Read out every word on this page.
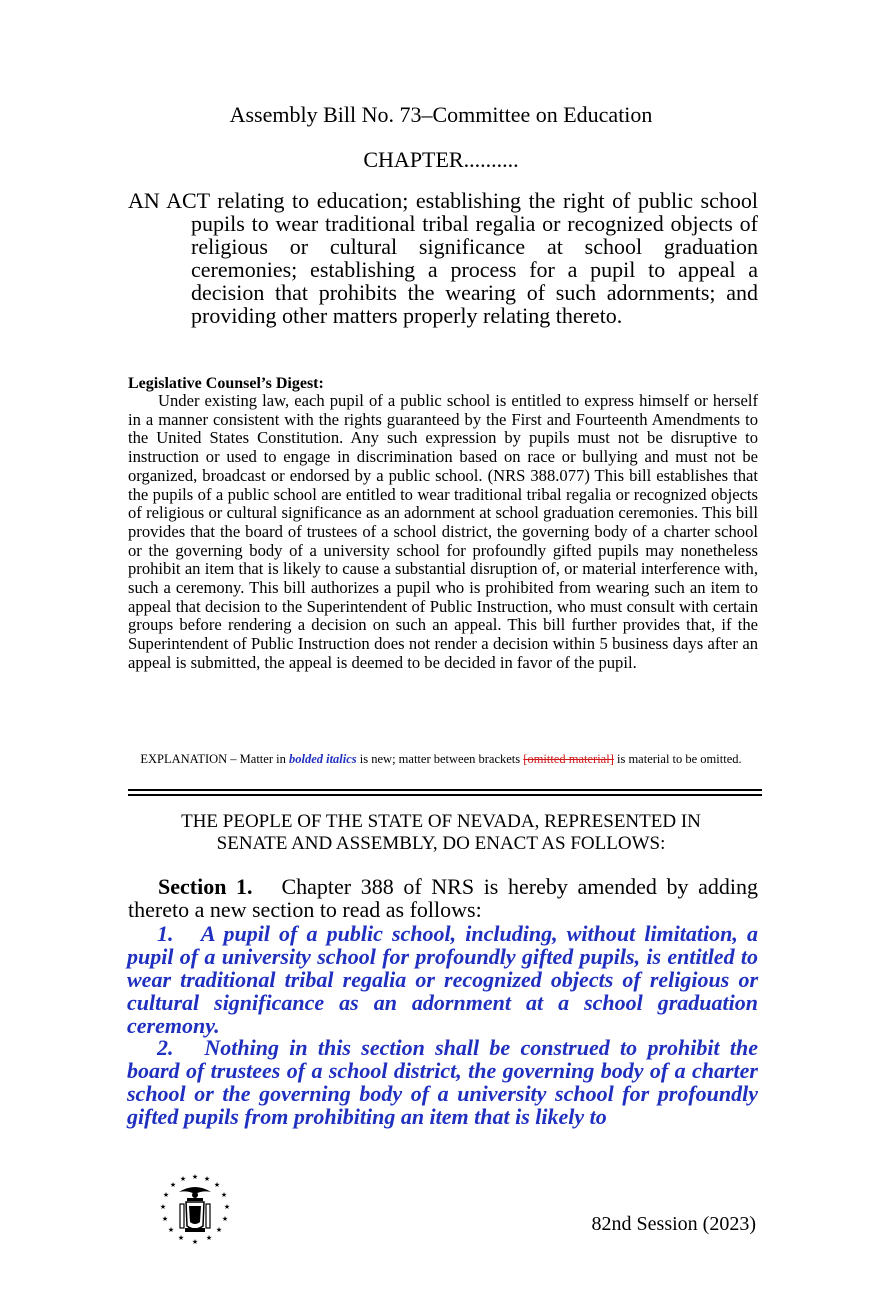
Assembly Bill No. 73–Committee on Education
CHAPTER..........
AN ACT relating to education; establishing the right of public school pupils to wear traditional tribal regalia or recognized objects of religious or cultural significance at school graduation ceremonies; establishing a process for a pupil to appeal a decision that prohibits the wearing of such adornments; and providing other matters properly relating thereto.
Legislative Counsel’s Digest:
Under existing law, each pupil of a public school is entitled to express himself or herself in a manner consistent with the rights guaranteed by the First and Fourteenth Amendments to the United States Constitution. Any such expression by pupils must not be disruptive to instruction or used to engage in discrimination based on race or bullying and must not be organized, broadcast or endorsed by a public school. (NRS 388.077) This bill establishes that the pupils of a public school are entitled to wear traditional tribal regalia or recognized objects of religious or cultural significance as an adornment at school graduation ceremonies. This bill provides that the board of trustees of a school district, the governing body of a charter school or the governing body of a university school for profoundly gifted pupils may nonetheless prohibit an item that is likely to cause a substantial disruption of, or material interference with, such a ceremony. This bill authorizes a pupil who is prohibited from wearing such an item to appeal that decision to the Superintendent of Public Instruction, who must consult with certain groups before rendering a decision on such an appeal. This bill further provides that, if the Superintendent of Public Instruction does not render a decision within 5 business days after an appeal is submitted, the appeal is deemed to be decided in favor of the pupil.
EXPLANATION – Matter in bolded italics is new; matter between brackets [omitted material] is material to be omitted.
THE PEOPLE OF THE STATE OF NEVADA, REPRESENTED IN
SENATE AND ASSEMBLY, DO ENACT AS FOLLOWS:
Section 1. Chapter 388 of NRS is hereby amended by adding thereto a new section to read as follows:
1.   A pupil of a public school, including, without limitation, a pupil of a university school for profoundly gifted pupils, is entitled to wear traditional tribal regalia or recognized objects of religious or cultural significance as an adornment at a school graduation ceremony.
2.   Nothing in this section shall be construed to prohibit the board of trustees of a school district, the governing body of a charter school or the governing body of a university school for profoundly gifted pupils from prohibiting an item that is likely to
★ ★
★
★
★
★
★
★
★
★
★
★
★
★
★ ★
82nd Session (2023)
